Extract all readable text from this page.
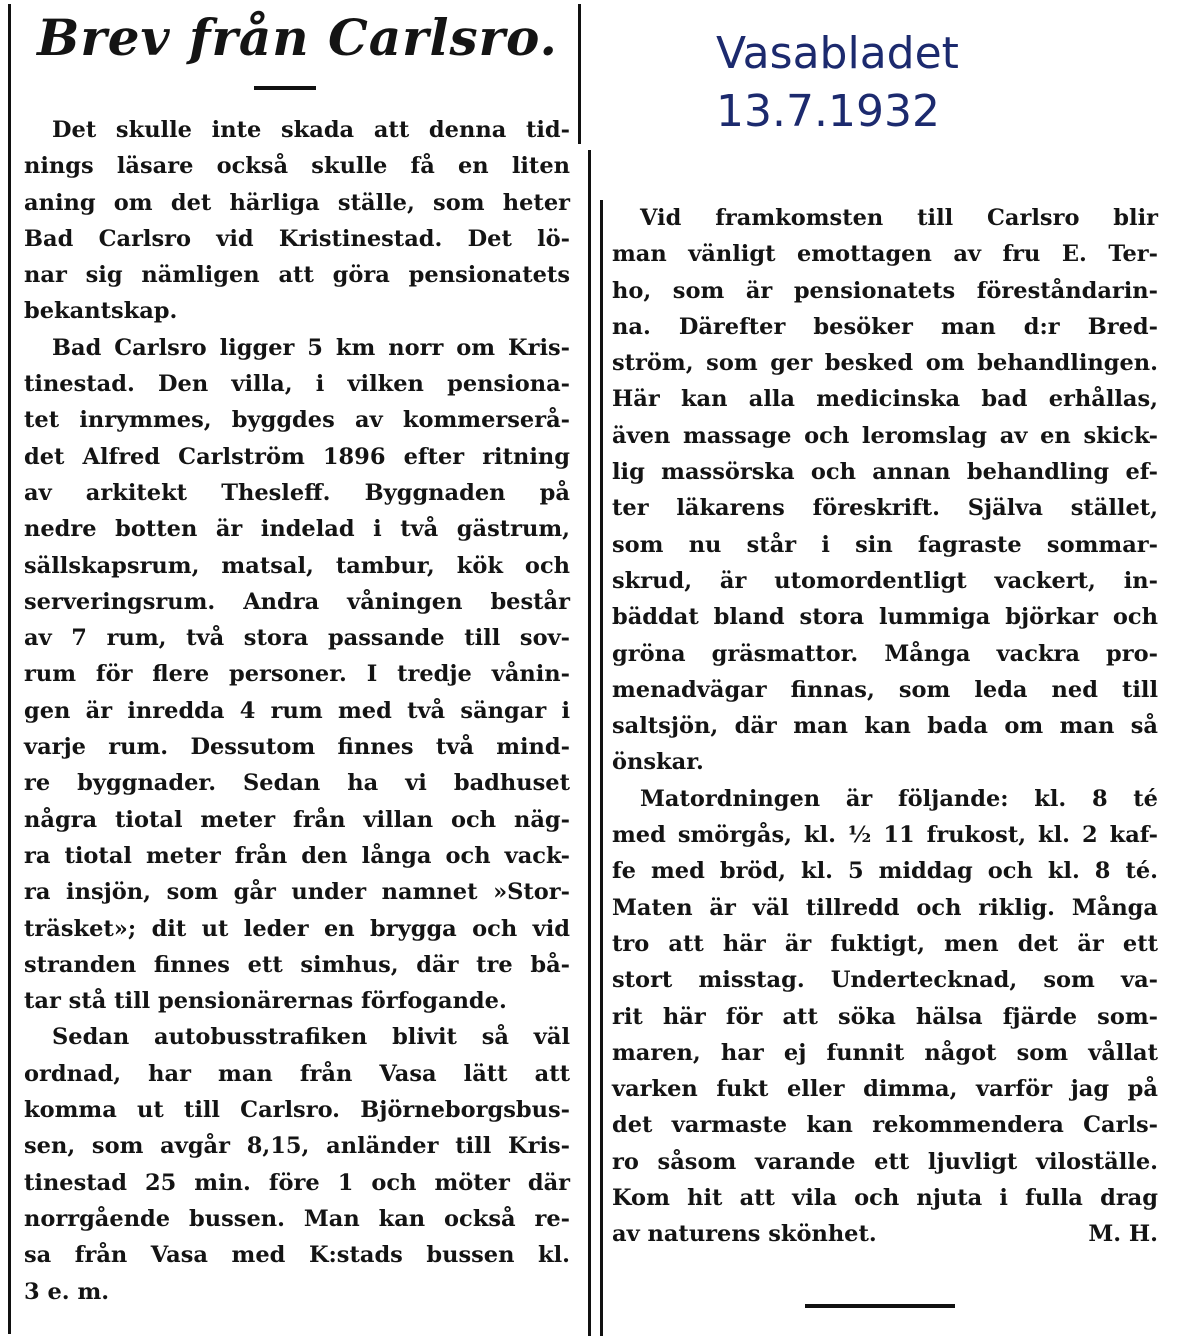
Brev från Carlsro.	Vasabladet
13.7.1932
Det skulle inte skada att denna tid-
nings läsare också skulle få en liten
aning om det härliga ställe, som heter
Bad Carlsro vid Kristinestad. Det lö-
nar sig nämligen att göra pensionatets
bekantskap.
Bad Carlsro ligger 5 km norr om Kris-
tinestad. Den villa, i vilken pensiona-
tet inrymmes, byggdes av kommerserå-
det Alfred Carlström 1896 efter ritning
av arkitekt Thesleff. Byggnaden på
nedre botten är indelad i två gästrum,
sällskapsrum, matsal, tambur, kök och
serveringsrum. Andra våningen består
av 7 rum, två stora passande till sov-
rum för flere personer. I tredje vånin-
gen är inredda 4 rum med två sängar i
varje rum. Dessutom finnes två mind-
re byggnader. Sedan ha vi badhuset
några tiotal meter från villan och näg-
ra tiotal meter från den långa och vack-
ra insjön, som går under namnet »Stor-
träsket»; dit ut leder en brygga och vid
stranden finnes ett simhus, där tre bå-
tar stå till pensionärernas förfogande.
Sedan autobusstrafiken blivit så väl
ordnad, har man från Vasa lätt att
komma ut till Carlsro. Björneborgsbus-
sen, som avgår 8,15, anländer till Kris-
tinestad 25 min. före 1 och möter där
norrgående bussen. Man kan också re-
sa från Vasa med K:stads bussen kl.
3 e. m.
Vid framkomsten till Carlsro blir
man vänligt emottagen av fru E. Ter-
ho, som är pensionatets föreståndarin-
na. Därefter besöker man d:r Bred-
ström, som ger besked om behandlingen.
Här kan alla medicinska bad erhållas,
även massage och leromslag av en skick-
lig massörska och annan behandling ef-
ter läkarens föreskrift. Själva stället,
som nu står i sin fagraste sommar-
skrud, är utomordentligt vackert, in-
bäddat bland stora lummiga björkar och
gröna gräsmattor. Många vackra pro-
menadvägar finnas, som leda ned till
saltsjön, där man kan bada om man så
önskar.
Matordningen är följande: kl. 8 té
med smörgås, kl. ½ 11 frukost, kl. 2 kaf-
fe med bröd, kl. 5 middag och kl. 8 té.
Maten är väl tillredd och riklig. Många
tro att här är fuktigt, men det är ett
stort misstag. Undertecknad, som va-
rit här för att söka hälsa fjärde som-
maren, har ej funnit något som vållat
varken fukt eller dimma, varför jag på
det varmaste kan rekommendera Carls-
ro såsom varande ett ljuvligt viloställe.
Kom hit att vila och njuta i fulla drag
av naturens skönhet.	M. H.
